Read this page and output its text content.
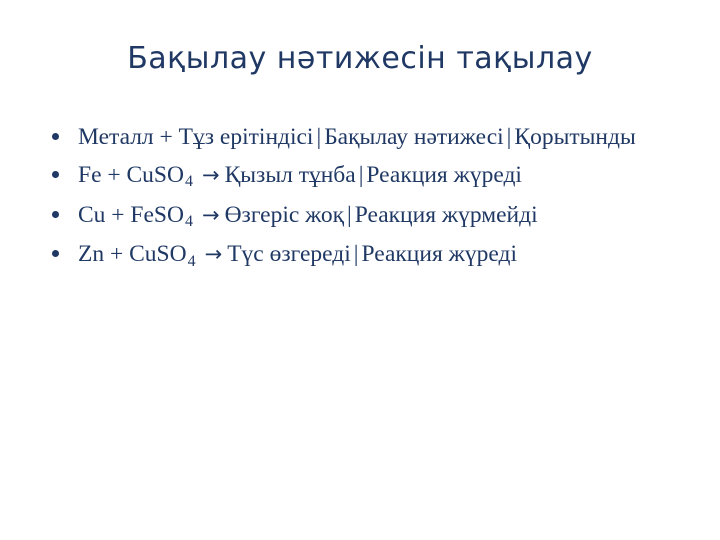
Бақылау нәтижесін тақылау
Металл + Тұз ерітіндісі | Бақылау нәтижесі | Қорытынды
Fe + CuSO$_4$ → Қызыл тұнба | Реакция жүреді
Cu + FeSO$_4$ → Өзгеріс жоқ | Реакция жүрмейді
Zn + CuSO$_4$ → Түс өзгереді | Реакция жүреді
